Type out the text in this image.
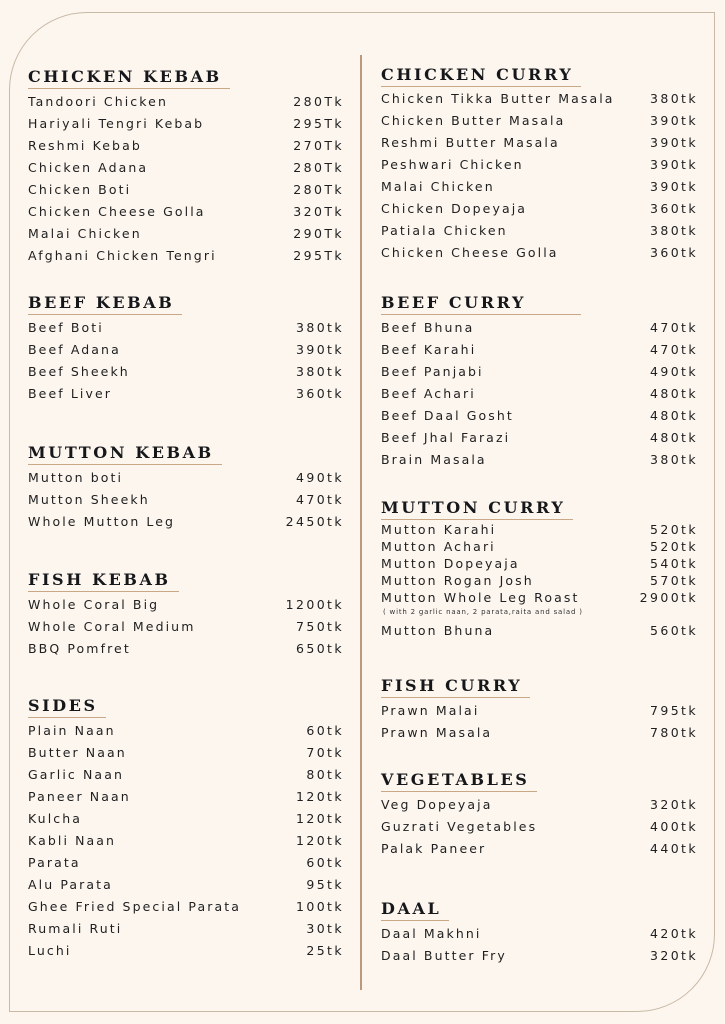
CHICKEN KEBAB
Tandoori Chicken	280Tk
Hariyali Tengri Kebab	295Tk
Reshmi Kebab	270Tk
Chicken Adana	280Tk
Chicken Boti	280Tk
Chicken Cheese Golla	320Tk
Malai Chicken	290Tk
Afghani Chicken Tengri	295Tk
BEEF KEBAB
Beef Boti	380tk
Beef Adana	390tk
Beef Sheekh	380tk
Beef Liver	360tk
MUTTON KEBAB
Mutton boti	490tk
Mutton Sheekh	470tk
Whole Mutton Leg	2450tk
FISH KEBAB
Whole Coral Big	1200tk
Whole Coral Medium	750tk
BBQ Pomfret	650tk
SIDES
Plain Naan	60tk
Butter Naan	70tk
Garlic Naan	80tk
Paneer Naan	120tk
Kulcha	120tk
Kabli Naan	120tk
Parata	60tk
Alu Parata	95tk
Ghee Fried Special Parata	100tk
Rumali Ruti	30tk
Luchi	25tk
CHICKEN CURRY
Chicken Tikka Butter Masala	380tk
Chicken Butter Masala	390tk
Reshmi Butter Masala	390tk
Peshwari Chicken	390tk
Malai Chicken	390tk
Chicken Dopeyaja	360tk
Patiala Chicken	380tk
Chicken Cheese Golla	360tk
BEEF CURRY
Beef Bhuna	470tk
Beef Karahi	470tk
Beef Panjabi	490tk
Beef Achari	480tk
Beef Daal Gosht	480tk
Beef Jhal Farazi	480tk
Brain Masala	380tk
MUTTON CURRY
Mutton Karahi	520tk
Mutton Achari	520tk
Mutton Dopeyaja	540tk
Mutton Rogan Josh	570tk
Mutton Whole Leg Roast	2900tk
( with 2 garlic naan, 2 parata,raita and salad )
Mutton Bhuna	560tk
FISH CURRY
Prawn Malai	795tk
Prawn Masala	780tk
VEGETABLES
Veg Dopeyaja	320tk
Guzrati Vegetables	400tk
Palak Paneer	440tk
DAAL
Daal Makhni	420tk
Daal Butter Fry	320tk
